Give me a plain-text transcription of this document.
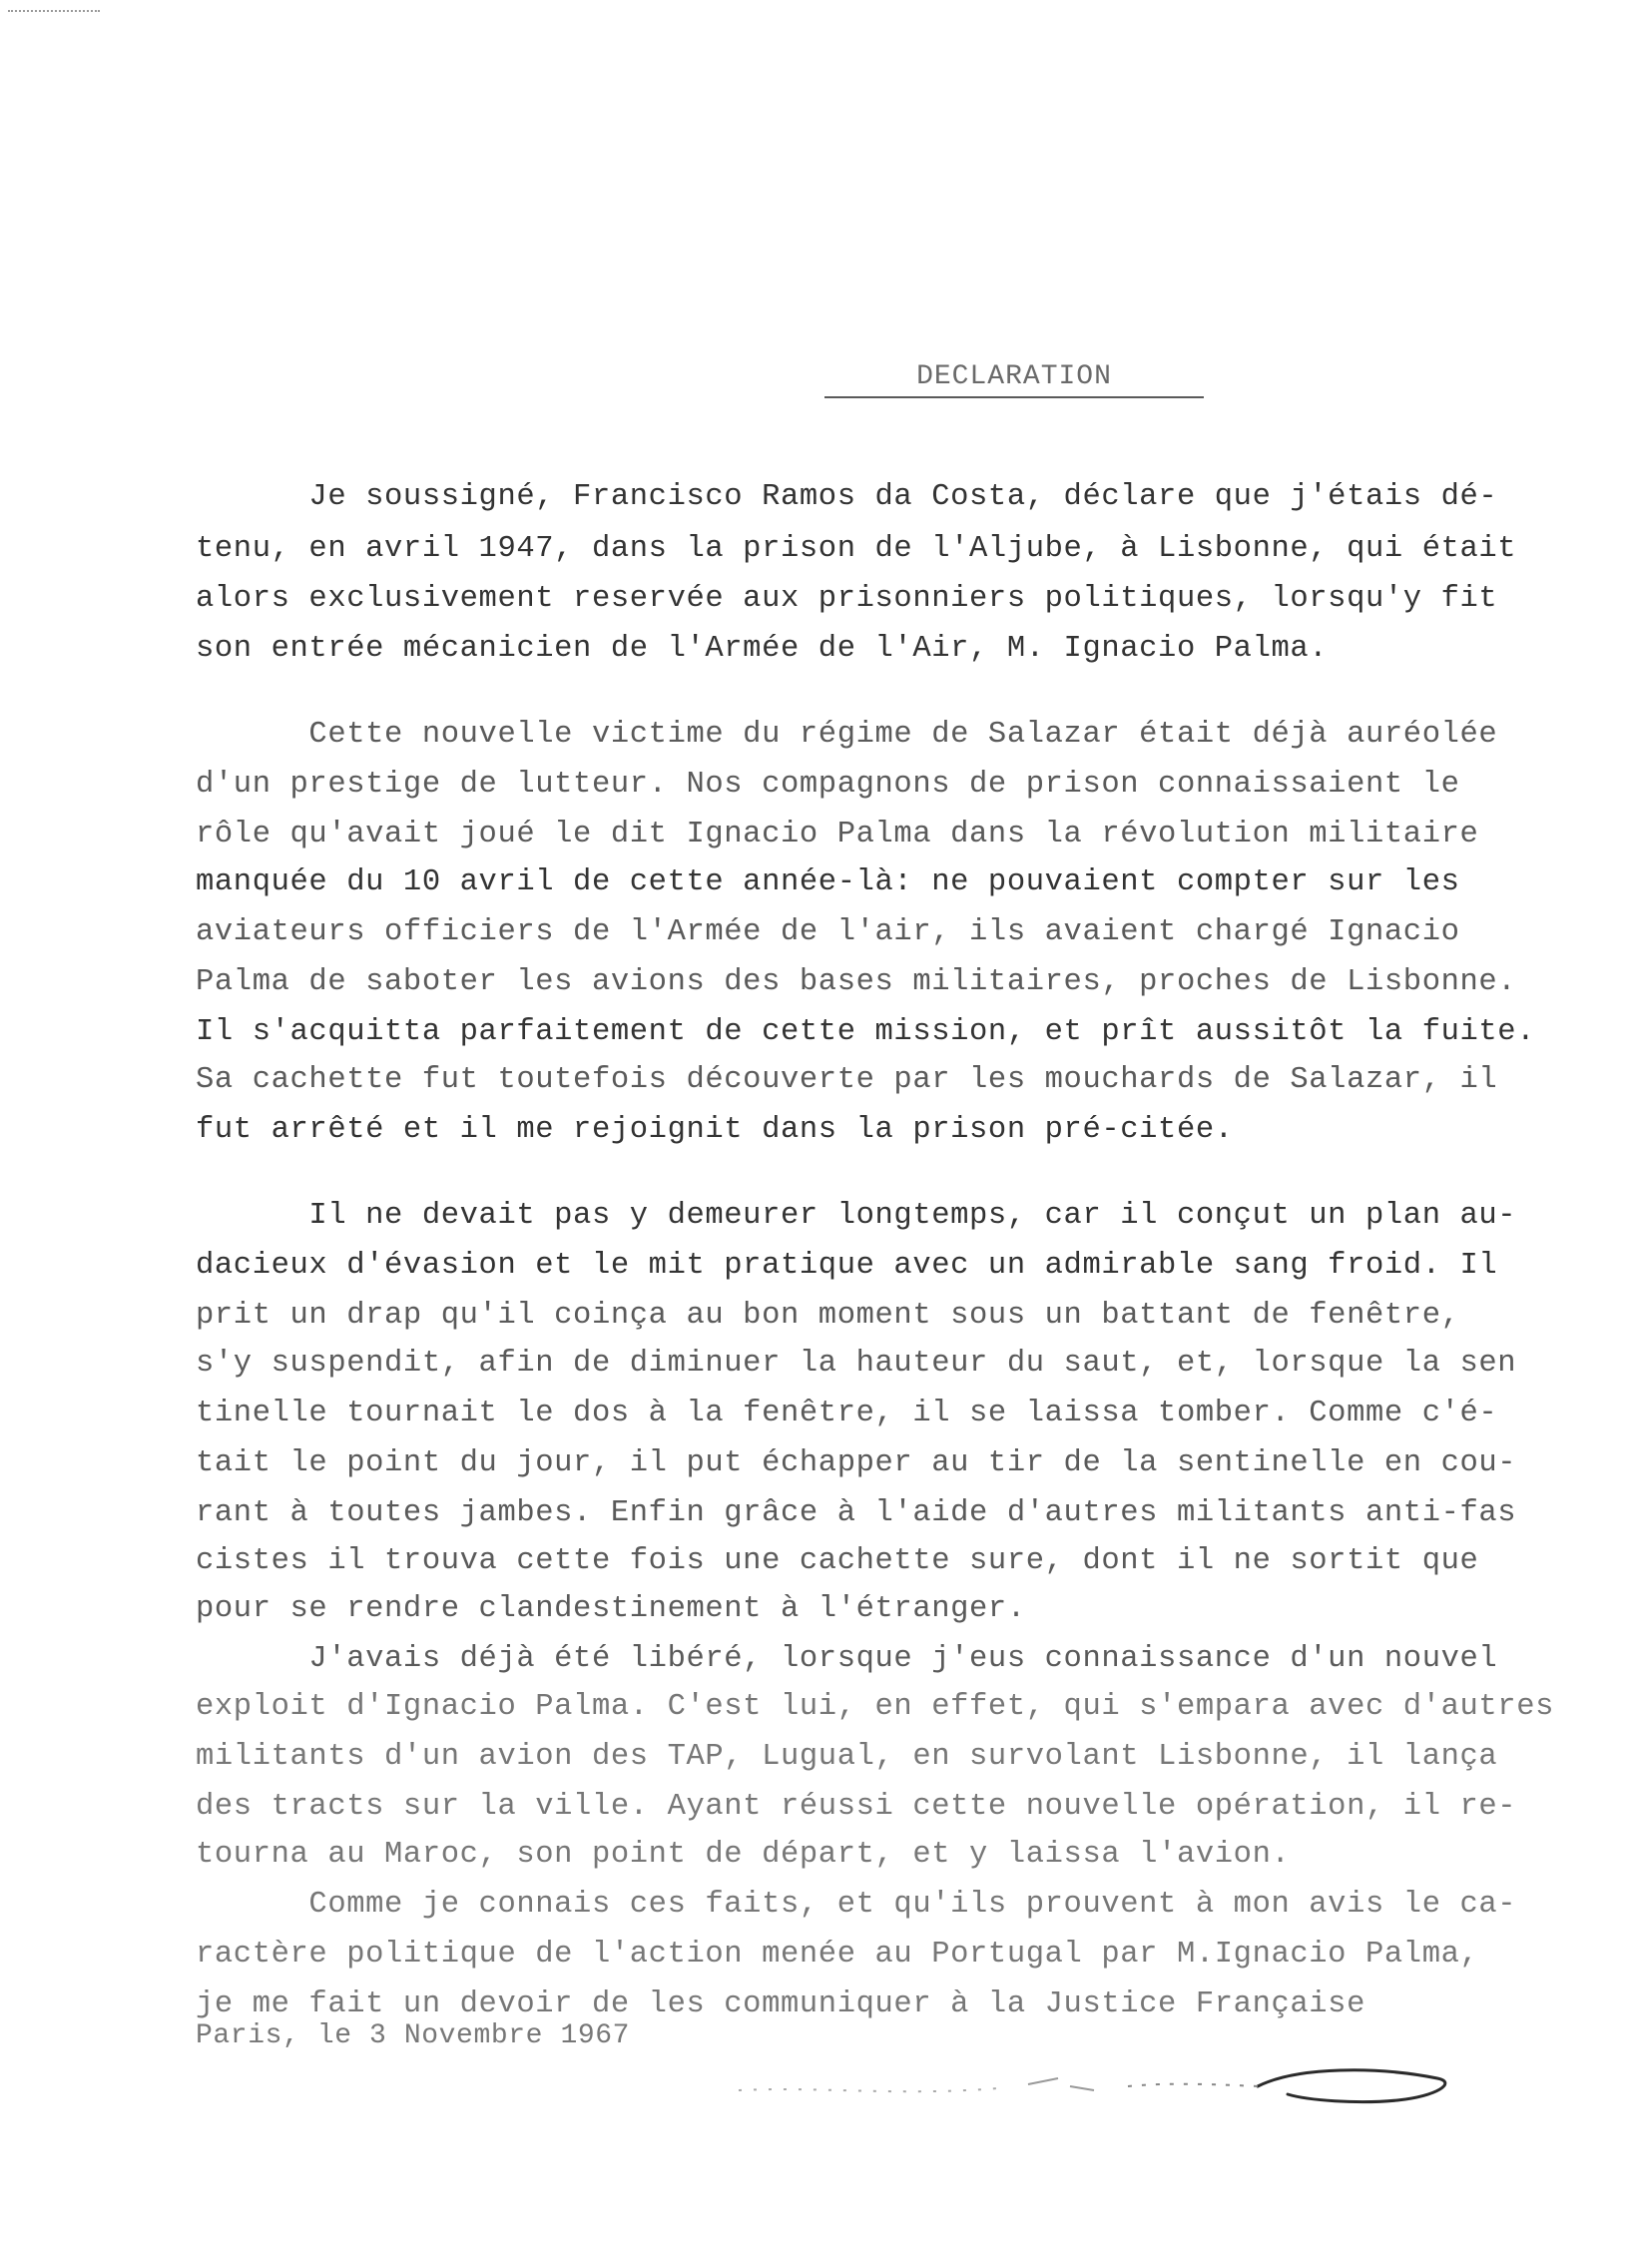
DECLARATION
Je soussigné, Francisco Ramos da Costa, déclare que j'étais dé-
tenu, en avril 1947, dans la prison de l'Aljube, à Lisbonne, qui était
alors exclusivement reservée aux prisonniers politiques, lorsqu'y fit
son entrée mécanicien de l'Armée de l'Air, M. Ignacio Palma.
Cette nouvelle victime du régime de Salazar était déjà auréolée
d'un prestige de lutteur. Nos compagnons de prison connaissaient le
rôle qu'avait joué le dit Ignacio Palma dans la révolution militaire
manquée du 10 avril de cette année-là: ne pouvaient compter sur les
aviateurs officiers de l'Armée de l'air, ils avaient chargé Ignacio
Palma de saboter les avions des bases militaires, proches de Lisbonne.
Il s'acquitta parfaitement de cette mission, et prît aussitôt la fuite.
Sa cachette fut toutefois découverte par les mouchards de Salazar, il
fut arrêté et il me rejoignit dans la prison pré-citée.
Il ne devait pas y demeurer longtemps, car il conçut un plan au-
dacieux d'évasion et le mit pratique avec un admirable sang froid. Il
prit un drap qu'il coinça au bon moment sous un battant de fenêtre,
s'y suspendit, afin de diminuer la hauteur du saut, et, lorsque la sen
tinelle tournait le dos à la fenêtre, il se laissa tomber. Comme c'é-
tait le point du jour, il put échapper au tir de la sentinelle en cou-
rant à toutes jambes. Enfin grâce à l'aide d'autres militants anti-fas
cistes il trouva cette fois une cachette sure, dont il ne sortit que
pour se rendre clandestinement à l'étranger.
J'avais déjà été libéré, lorsque j'eus connaissance d'un nouvel
exploit d'Ignacio Palma. C'est lui, en effet, qui s'empara avec d'autres
militants d'un avion des TAP, Lugual, en survolant Lisbonne, il lança
des tracts sur la ville. Ayant réussi cette nouvelle opération, il re-
tourna au Maroc, son point de départ, et y laissa l'avion.
Comme je connais ces faits, et qu'ils prouvent à mon avis le ca-
ractère politique de l'action menée au Portugal par M.Ignacio Palma,
je me fait un devoir de les communiquer à la Justice Française
Paris, le 3 Novembre 1967
